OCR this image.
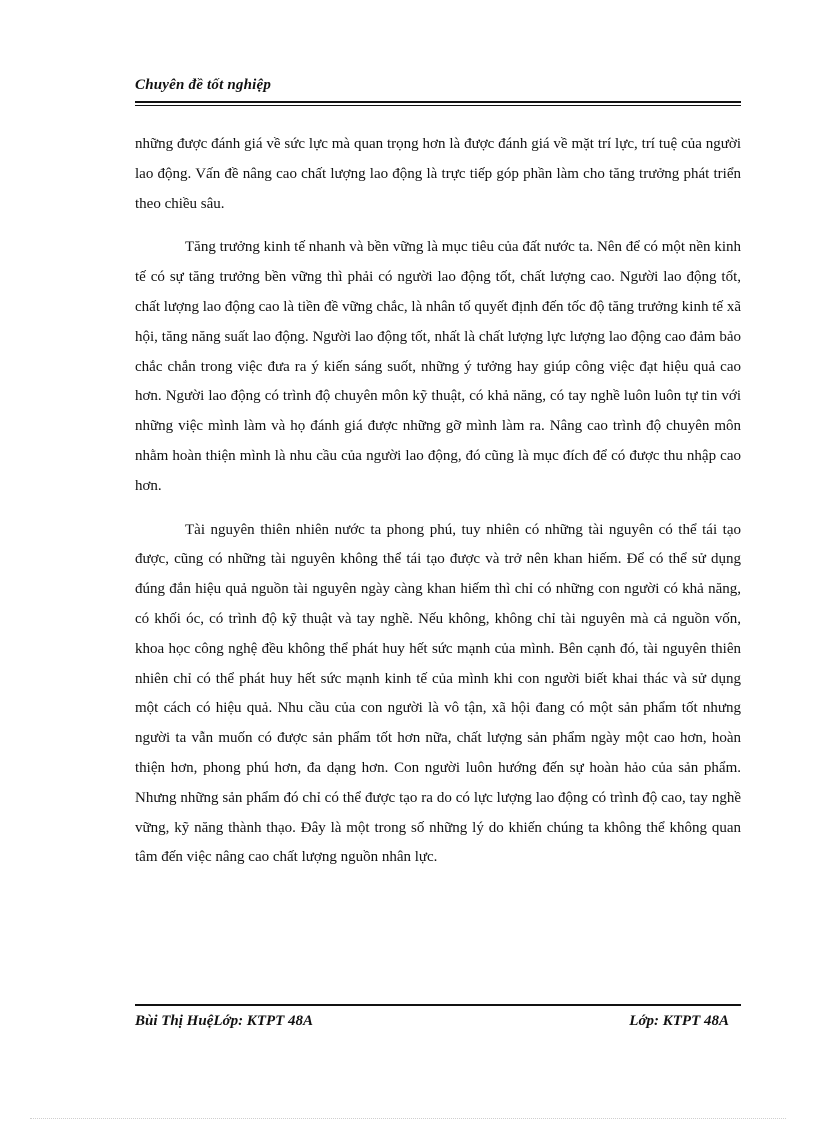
Chuyên đề tốt nghiệp

những được đánh giá về sức lực mà quan trọng hơn là được đánh giá về mặt trí lực, trí tuệ của người lao động. Vấn đề nâng cao chất lượng lao động là trực tiếp góp phần làm cho tăng trưởng phát triển theo chiều sâu.

Tăng trưởng kinh tế nhanh và bền vững là mục tiêu của đất nước ta. Nên để có một nền kinh tế có sự tăng trưởng bền vững thì phải có người lao động tốt, chất lượng cao. Người lao động tốt, chất lượng lao động cao là tiền đề vững chắc, là nhân tố quyết định đến tốc độ tăng trưởng kinh tế xã hội, tăng năng suất lao động. Người lao động tốt, nhất là chất lượng lực lượng lao động cao đảm bảo chắc chắn trong việc đưa ra ý kiến sáng suốt, những ý tưởng hay giúp công việc đạt hiệu quả cao hơn. Người lao động có trình độ chuyên môn kỹ thuật, có khả năng, có tay nghề luôn luôn tự tin với những việc mình làm và họ đánh giá được những gỡ mình làm ra. Nâng cao trình độ chuyên môn nhằm hoàn thiện mình là nhu cầu của người lao động, đó cũng là mục đích để có được thu nhập cao hơn.

Tài nguyên thiên nhiên nước ta phong phú, tuy nhiên có những tài nguyên có thể tái tạo được, cũng có những tài nguyên không thể tái tạo được và trở nên khan hiếm. Để có thể sử dụng đúng đắn hiệu quả nguồn tài nguyên ngày càng khan hiếm thì chỉ có những con người có khả năng, có khối óc, có trình độ kỹ thuật và tay nghề. Nếu không, không chỉ tài nguyên mà cả nguồn vốn, khoa học công nghệ đều không thể phát huy hết sức mạnh của mình. Bên cạnh đó, tài nguyên thiên nhiên chỉ có thể phát huy hết sức mạnh kinh tế của mình khi con người biết khai thác và sử dụng một cách có hiệu quả. Nhu cầu của con người là vô tận, xã hội đang có một sản phẩm tốt nhưng người ta vẫn muốn có được sản phẩm tốt hơn nữa, chất lượng sản phẩm ngày một cao hơn, hoàn thiện hơn, phong phú hơn, đa dạng hơn. Con người luôn hướng đến sự hoàn hảo của sản phẩm. Nhưng những sản phẩm đó chỉ có thể được tạo ra do có lực lượng lao động có trình độ cao, tay nghề vững, kỹ năng thành thạo. Đây là một trong số những lý do khiến chúng ta không thể không quan tâm đến việc nâng cao chất lượng nguồn nhân lực.

Bùi Thị HuệLớp: KTPT 48A	Lớp: KTPT 48A
